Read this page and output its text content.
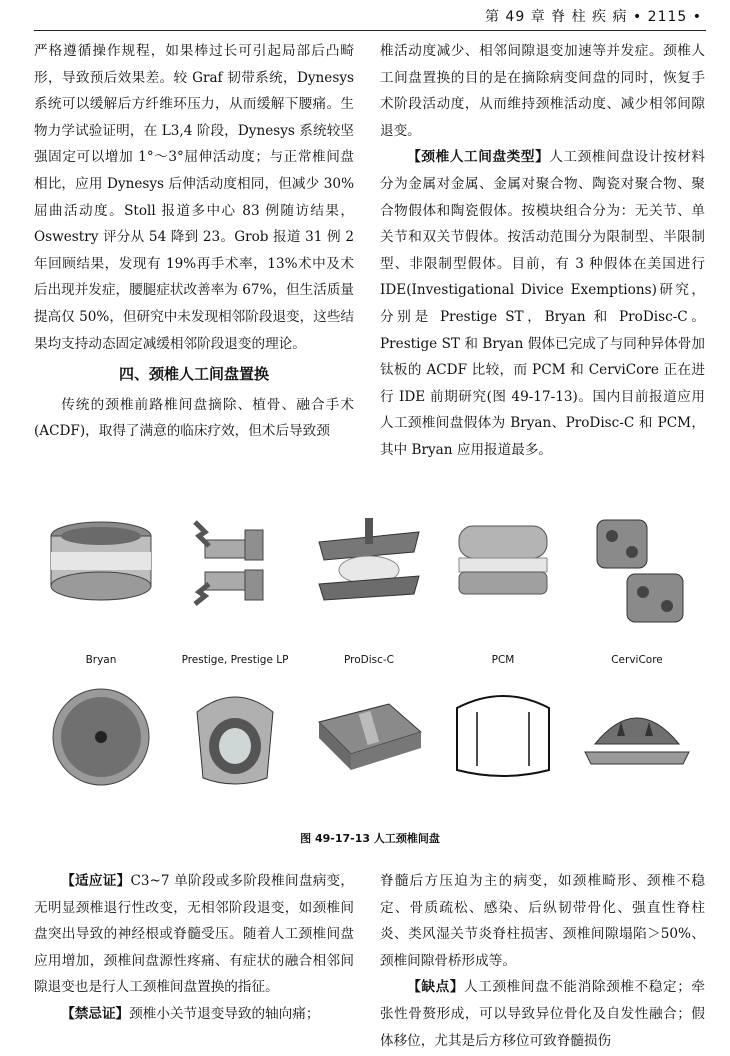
第 49 章 脊 柱 疾 病 • 2115 •

严格遵循操作规程，如果棒过长可引起局部后凸畸形，导致预后效果差。较 Graf 韧带系统，Dynesys 系统可以缓解后方纤维环压力，从而缓解下腰痛。生物力学试验证明，在 L3,4 阶段，Dynesys 系统较坚强固定可以增加 1°～3°屈伸活动度；与正常椎间盘相比，应用 Dynesys 后伸活动度相同，但减少 30%屈曲活动度。Stoll 报道多中心 83 例随访结果，Oswestry 评分从 54 降到 23。Grob 报道 31 例 2 年回顾结果，发现有 19%再手术率，13%术中及术后出现并发症，腰腿症状改善率为 67%，但生活质量提高仅 50%，但研究中未发现相邻阶段退变，这些结果均支持动态固定减缓相邻阶段退变的理论。

四、颈椎人工间盘置换

传统的颈椎前路椎间盘摘除、植骨、融合手术(ACDF)，取得了满意的临床疗效，但术后导致颈

椎活动度减少、相邻间隙退变加速等并发症。颈椎人工间盘置换的目的是在摘除病变间盘的同时，恢复手术阶段活动度，从而维持颈椎活动度、减少相邻间隙退变。

【颈椎人工间盘类型】人工颈椎间盘设计按材料分为金属对金属、金属对聚合物、陶瓷对聚合物、聚合物假体和陶瓷假体。按模块组合分为：无关节、单关节和双关节假体。按活动范围分为限制型、半限制型、非限制型假体。目前，有 3 种假体在美国进行 IDE(Investigational Divice Exemptions)研究，分别是 Prestige ST，Bryan 和 ProDisc-C。Prestige ST 和 Bryan 假体已完成了与同种异体骨加钛板的 ACDF 比较，而 PCM 和 CerviCore 正在进行 IDE 前期研究(图 49-17-13)。国内目前报道应用人工颈椎间盘假体为 Bryan、ProDisc-C 和 PCM，其中 Bryan 应用报道最多。

Bryan	Prestige, Prestige LP	ProDisc-C	PCM	CerviCore
图 49-17-13 人工颈椎间盘

【适应证】C3~7 单阶段或多阶段椎间盘病变，无明显颈椎退行性改变，无相邻阶段退变，如颈椎间盘突出导致的神经根或脊髓受压。随着人工颈椎间盘应用增加，颈椎间盘源性疼痛、有症状的融合相邻间隙退变也是行人工颈椎间盘置换的指征。

【禁忌证】颈椎小关节退变导致的轴向痛；

脊髓后方压迫为主的病变，如颈椎畸形、颈椎不稳定、骨质疏松、感染、后纵韧带骨化、强直性脊柱炎、类风湿关节炎脊柱损害、颈椎间隙塌陷＞50%、颈椎间隙骨桥形成等。

【缺点】人工颈椎间盘不能消除颈椎不稳定；牵张性骨赘形成，可以导致异位骨化及自发性融合；假体移位，尤其是后方移位可致脊髓损伤
